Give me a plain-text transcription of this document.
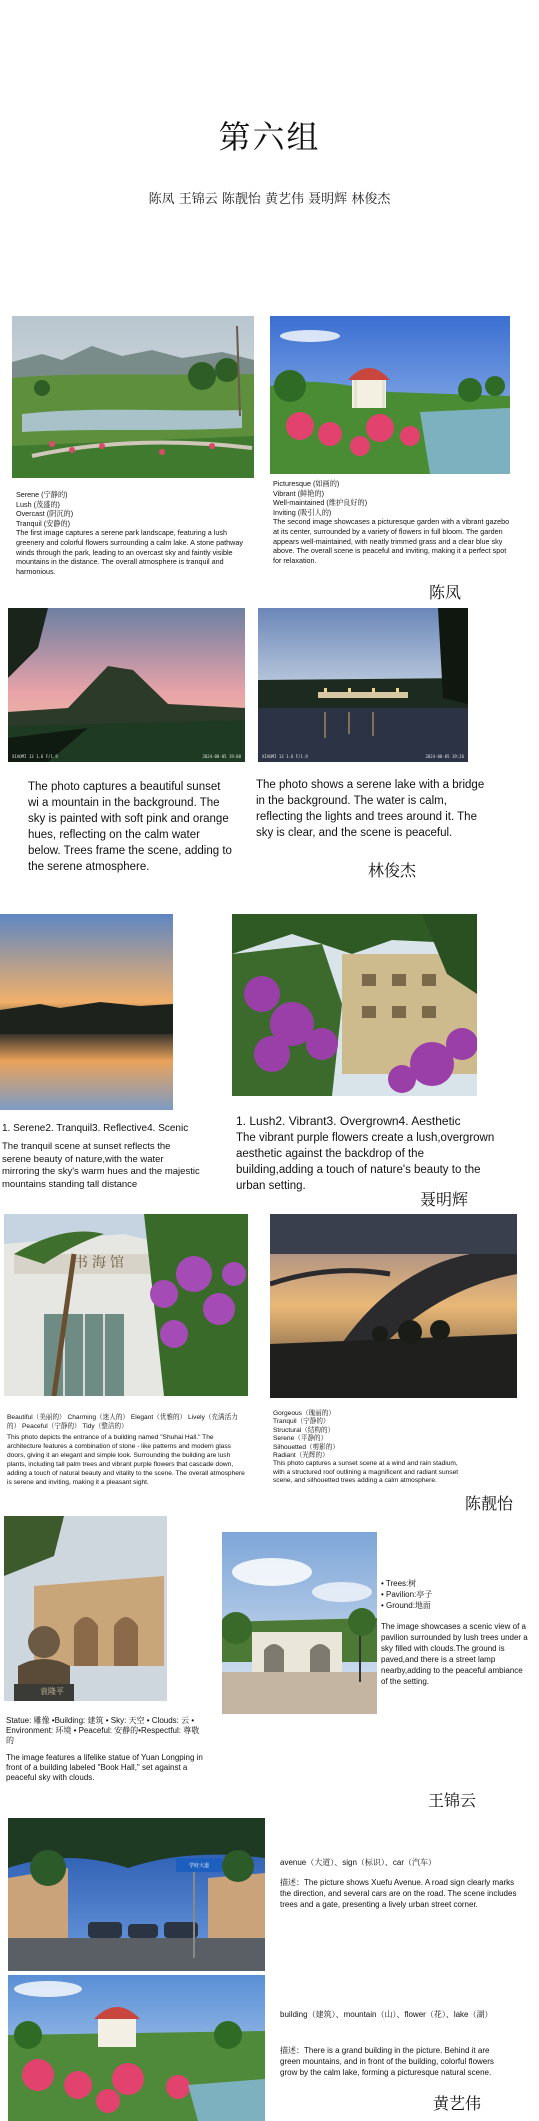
第六组
陈凤 王锦云 陈靓怡 黄艺伟 聂明辉 林俊杰
Serene (宁静的)
Lush (茂盛的)
Overcast (阴沉的)
Tranquil (安静的)
The first image captures a serene park landscape, featuring a lush greenery and colorful flowers surrounding a calm lake. A stone pathway winds through the park, leading to an overcast sky and faintly visible mountains in the distance. The overall atmosphere is tranquil and harmonious.
Picturesque (如画的)
Vibrant (鲜艳的)
Well-maintained (维护良好的)
Inviting (吸引人的)
The second image showcases a picturesque garden with a vibrant gazebo at its center, surrounded by a variety of flowers in full bloom. The garden appears well-maintained, with neatly trimmed grass and a clear blue sky above. The overall scene is peaceful and inviting, making it a perfect spot for relaxation.
陈凤
XIAOMI 13 1.6 F/1.9	2024-08-05 19:08	XIAOMI 13 1.6 F/1.9	2024-08-05 19:26
The photo captures a beautiful sunset wi a mountain in the background. The sky is painted with soft pink and orange hues, reflecting on the calm water below. Trees frame the scene, adding to the serene atmosphere.
The photo shows a serene lake with a bridge in the background. The water is calm, reflecting the lights and trees around it. The sky is clear, and the scene is peaceful.
林俊杰
1. Serene2. Tranquil3. Reflective4. Scenic
The tranquil scene at sunset reflects the serene beauty of nature,with the water mirroring the sky's warm hues and the majestic mountains standing tall distance
1. Lush2. Vibrant3. Overgrown4. Aesthetic
The vibrant purple flowers create a lush,overgrown aesthetic against the backdrop of the building,adding a touch of nature's beauty to the urban setting.
聂明辉
书海馆
Beautiful（美丽的） Charming（迷人的） Elegant（优雅的） Lively（充满活力的） Peaceful（宁静的） Tidy（整洁的）
This photo depicts the entrance of a building named "Shuhai Hall." The architecture features a combination of stone - like patterns and modern glass doors, giving it an elegant and simple look. Surrounding the building are lush plants, including tall palm trees and vibrant purple flowers that cascade down, adding a touch of natural beauty and vitality to the scene. The overall atmosphere is serene and inviting, making it a pleasant sight.
Gorgeous（瑰丽的）
Tranquil（宁静的）
Structural（结构的）
Serene（平静的）
Silhouetted（剪影的）
Radiant（光辉的）
This photo captures a sunset scene at a wind and rain stadium, with a structured roof outlining a magnificent and radiant sunset scene, and silhouetted trees adding a calm atmosphere.
陈靓怡
袁隆平
• Trees:树
• Pavilion:亭子
• Ground:地面
The image showcases a scenic view of a pavilion surrounded by lush trees under a sky filled with clouds.The ground is paved,and there is a street lamp nearby,adding to the peaceful ambiance of the setting.
Statue: 雕像 •Building: 建筑 • Sky: 天空 • Clouds: 云 • Environment: 环境 • Peaceful: 安静的•Respectful: 尊敬的
The image features a lifelike statue of Yuan Longping in front of a building labeled "Book Hall," set against a peaceful sky with clouds.
王锦云
学府大道	avenue（大道）、sign（标识）、car（汽车）
描述：The picture shows Xuefu Avenue. A road sign clearly marks the direction, and several cars are on the road. The scene includes trees and a gate, presenting a lively urban street corner.
building（建筑）、mountain（山）、flower（花）、lake（湖）
描述：There is a grand building in the picture. Behind it are green mountains, and in front of the building, colorful flowers grow by the calm lake, forming a picturesque natural scene.
黄艺伟
